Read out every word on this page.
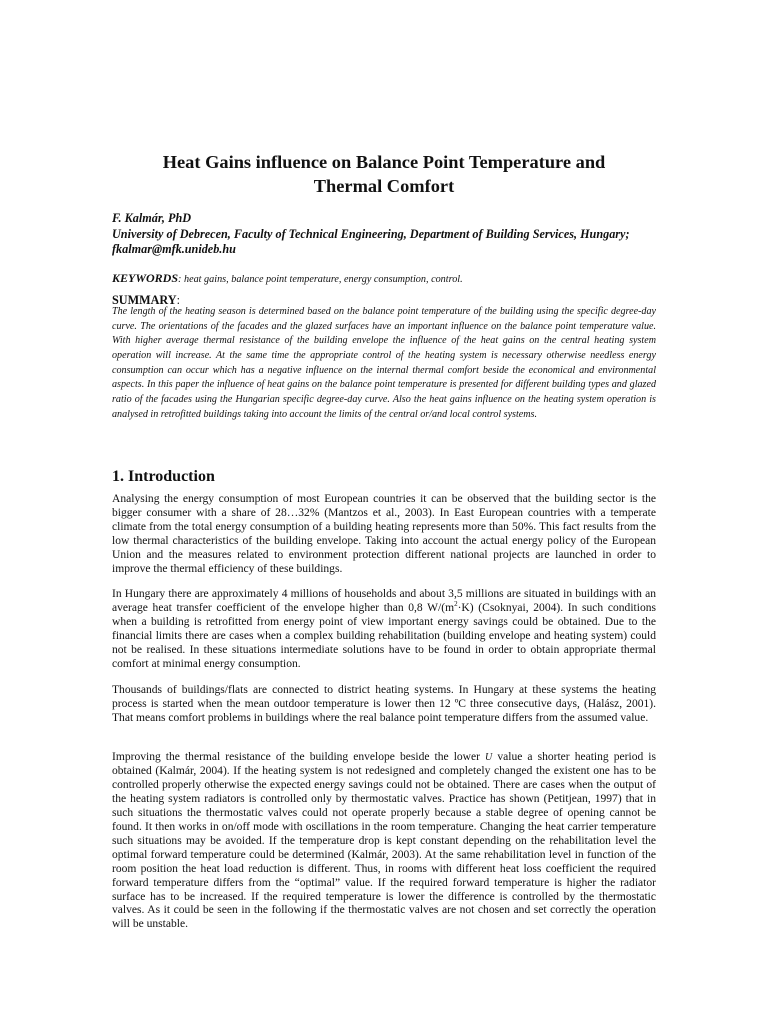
Heat Gains influence on Balance Point Temperature and
Thermal Comfort
F. Kalmár, PhD
University of Debrecen, Faculty of Technical Engineering, Department of Building Services, Hungary;
fkalmar@mfk.unideb.hu
KEYWORDS: heat gains, balance point temperature, energy consumption, control.
SUMMARY:
The length of the heating season is determined based on the balance point temperature of the building using the specific degree-day curve. The orientations of the facades and the glazed surfaces have an important influence on the balance point temperature value. With higher average thermal resistance of the building envelope the influence of the heat gains on the central heating system operation will increase. At the same time the appropriate control of the heating system is necessary otherwise needless energy consumption can occur which has a negative influence on the internal thermal comfort beside the economical and environmental aspects. In this paper the influence of heat gains on the balance point temperature is presented for different building types and glazed ratio of the facades using the Hungarian specific degree-day curve. Also the heat gains influence on the heating system operation is analysed in retrofitted buildings taking into account the limits of the central or/and local control systems.
1. Introduction
Analysing the energy consumption of most European countries it can be observed that the building sector is the bigger consumer with a share of 28…32% (Mantzos et al., 2003). In East European countries with a temperate climate from the total energy consumption of a building heating represents more than 50%. This fact results from the low thermal characteristics of the building envelope. Taking into account the actual energy policy of the European Union and the measures related to environment protection different national projects are launched in order to improve the thermal efficiency of these buildings.
In Hungary there are approximately 4 millions of households and about 3,5 millions are situated in buildings with an average heat transfer coefficient of the envelope higher than 0,8 $W/(m^2\cdot K)$ (Csoknyai, 2004). In such conditions when a building is retrofitted from energy point of view important energy savings could be obtained. Due to the financial limits there are cases when a complex building rehabilitation (building envelope and heating system) could not be realised. In these situations intermediate solutions have to be found in order to obtain appropriate thermal comfort at minimal energy consumption.
Thousands of buildings/flats are connected to district heating systems. In Hungary at these systems the heating process is started when the mean outdoor temperature is lower then 12 ºC three consecutive days, (Halász, 2001). That means comfort problems in buildings where the real balance point temperature differs from the assumed value.
Improving the thermal resistance of the building envelope beside the lower U value a shorter heating period is obtained (Kalmár, 2004). If the heating system is not redesigned and completely changed the existent one has to be controlled properly otherwise the expected energy savings could not be obtained. There are cases when the output of the heating system radiators is controlled only by thermostatic valves. Practice has shown (Petitjean, 1997) that in such situations the thermostatic valves could not operate properly because a stable degree of opening cannot be found. It then works in on/off mode with oscillations in the room temperature. Changing the heat carrier temperature such situations may be avoided. If the temperature drop is kept constant depending on the rehabilitation level the optimal forward temperature could be determined (Kalmár, 2003). At the same rehabilitation level in function of the room position the heat load reduction is different. Thus, in rooms with different heat loss coefficient the required forward temperature differs from the “optimal” value. If the required forward temperature is higher the radiator surface has to be increased. If the required temperature is lower the difference is controlled by the thermostatic valves. As it could be seen in the following if the thermostatic valves are not chosen and set correctly the operation will be unstable.
